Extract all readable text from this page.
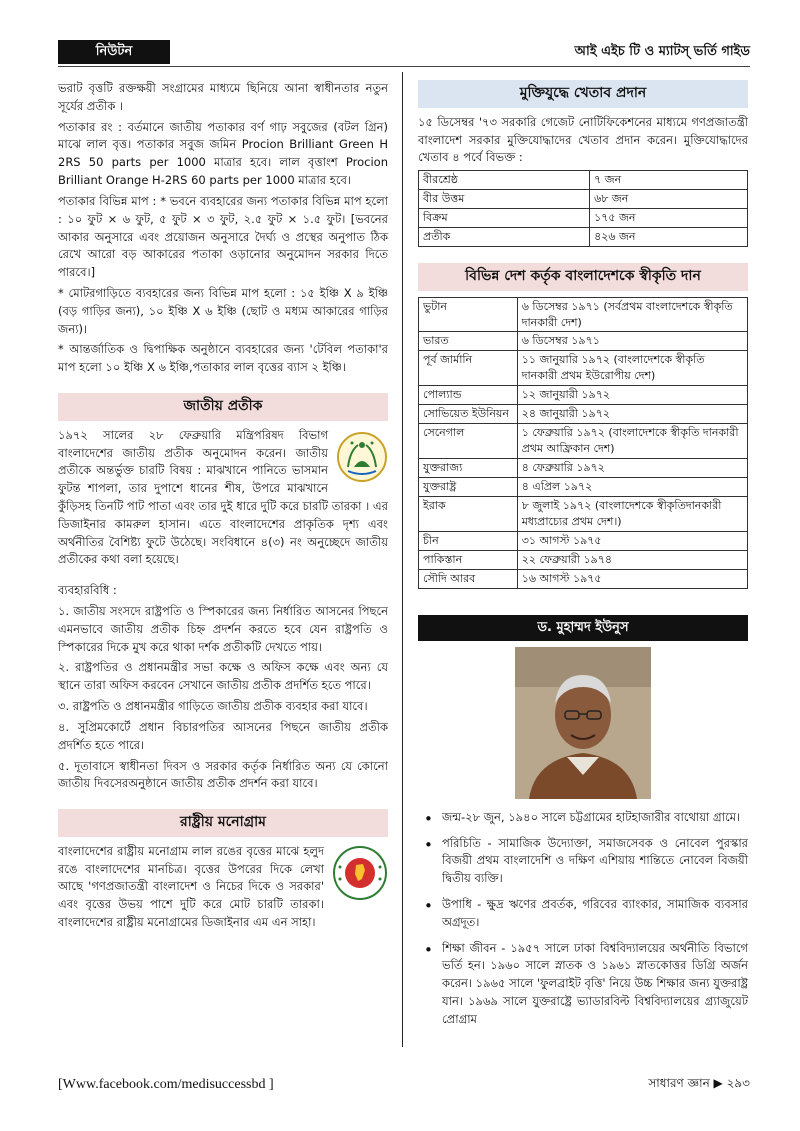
নিউটন	আই এইচ টি ও ম্যাটস্ ভর্তি গাইড

ভরাট বৃত্তটি রক্তক্ষয়ী সংগ্রামের মাধ্যমে ছিনিয়ে আনা স্বাধীনতার নতুন সূর্যের প্রতীক ।

পতাকার রং : বর্তমানে জাতীয় পতাকার বর্ণ গাঢ় সবুজের (বটল গ্রিন) মাঝে লাল বৃত্ত। পতাকার সবুজ জমিন Procion Brilliant Green H 2RS 50 parts per 1000 মাত্রার হবে। লাল বৃত্তাংশ Procion Brilliant Orange H-2RS 60 parts per 1000 মাত্রার হবে।

পতাকার বিভিন্ন মাপ : * ভবনে ব্যবহারের জন্য পতাকার বিভিন্ন মাপ হলো : ১০ ফুট × ৬ ফুট, ৫ ফুট × ৩ ফুট, ২.৫ ফুট × ১.৫ ফুট। [ভবনের আকার অনুসারে এবং প্রয়োজন অনুসারে দৈর্ঘ্য ও প্রস্থের অনুপাত ঠিক রেখে আরো বড় আকারের পতাকা ওড়ানোর অনুমোদন সরকার দিতে পারবে।]

* মোটরগাড়িতে ব্যবহারের জন্য বিভিন্ন মাপ হলো : ১৫ ইঞ্চি X ৯ ইঞ্চি (বড় গাড়ির জন্য), ১০ ইঞ্চি X ৬ ইঞ্চি (ছোট ও মধ্যম আকারের গাড়ির জন্য)।

* আন্তর্জাতিক ও দ্বিপাক্ষিক অনুষ্ঠানে ব্যবহারের জন্য 'টেবিল পতাকা'র মাপ হলো ১০ ইঞ্চি X ৬ ইঞ্চি,পতাকার লাল বৃত্তের ব্যাস ২ ইঞ্চি।

জাতীয় প্রতীক

১৯৭২ সালের ২৮ ফেব্রুয়ারি মন্ত্রিপরিষদ বিভাগ বাংলাদেশের জাতীয় প্রতীক অনুমোদন করেন। জাতীয় প্রতীকে অন্তর্ভুক্ত চারটি বিষয় : মাঝখানে পানিতে ভাসমান ফুটন্ত শাপলা, তার দুপাশে ধানের শীষ, উপরে মাঝখানে কুঁড়িসহ তিনটি পাট পাতা এবং তার দুই ধারে দুটি করে চারটি তারকা । এর ডিজাইনার কামরুল হাসান। এতে বাংলাদেশের প্রাকৃতিক দৃশ্য এবং অর্থনীতির বৈশিষ্ট্য ফুটে উঠেছে। সংবিধানে ৪(৩) নং অনুচ্ছেদে জাতীয় প্রতীকের কথা বলা হয়েছে।

ব্যবহারবিধি :

১. জাতীয় সংসদে রাষ্ট্রপতি ও স্পিকারের জন্য নির্ধারিত আসনের পিছনে এমনভাবে জাতীয় প্রতীক চিহ্ন প্রদর্শন করতে হবে যেন রাষ্ট্রপতি ও স্পিকারের দিকে মুখ করে থাকা দর্শক প্রতীকটি দেখতে পায়।

২. রাষ্ট্রপতির ও প্রধানমন্ত্রীর সভা কক্ষে ও অফিস কক্ষে এবং অন্য যে স্থানে তারা অফিস করবেন সেখানে জাতীয় প্রতীক প্রদর্শিত হতে পারে।

৩. রাষ্ট্রপতি ও প্রধানমন্ত্রীর গাড়িতে জাতীয় প্রতীক ব্যবহার করা যাবে।

৪. সুপ্রিমকোর্টে প্রধান বিচারপতির আসনের পিছনে জাতীয় প্রতীক প্রদর্শিত হতে পারে।

৫. দূতাবাসে স্বাধীনতা দিবস ও সরকার কর্তৃক নির্ধারিত অন্য যে কোনো জাতীয় দিবসেরঅনুষ্ঠানে জাতীয় প্রতীক প্রদর্শন করা যাবে।

রাষ্ট্রীয় মনোগ্রাম

বাংলাদেশের রাষ্ট্রীয় মনোগ্রাম লাল রঙের বৃত্তের মাঝে হলুদ রঙে বাংলাদেশের মানচিত্র। বৃত্তের উপরের দিকে লেখা আছে 'গণপ্রজাতন্ত্রী বাংলাদেশ ও নিচের দিকে ও সরকার' এবং বৃত্তের উভয় পাশে দুটি করে মোট চারটি তারকা। বাংলাদেশের রাষ্ট্রীয় মনোগ্রামের ডিজাইনার এম এন সাহা।

মুক্তিযুদ্ধে খেতাব প্রদান

১৫ ডিসেম্বর '৭৩ সরকারি গেজেট নোটিফিকেশনের মাধ্যমে গণপ্রজাতন্ত্রী বাংলাদেশ সরকার মুক্তিযোদ্ধাদের খেতাব প্রদান করেন। মুক্তিযোদ্ধাদের খেতাব ৪ পর্বে বিভক্ত :

বীরশ্রেষ্ঠ	৭ জন
বীর উত্তম	৬৮ জন
বিক্রম	১৭৫ জন
প্রতীক	৪২৬ জন
বিভিন্ন দেশ কর্তৃক বাংলাদেশকে স্বীকৃতি দান
ভুটান	৬ ডিসেম্বর ১৯৭১ (সর্বপ্রথম বাংলাদেশকে স্বীকৃতি দানকারী দেশ)
ভারত	৬ ডিসেম্বর ১৯৭১
পূর্ব জার্মানি	১১ জানুয়ারি ১৯৭২ (বাংলাদেশকে স্বীকৃতি দানকারী প্রথম ইউরোপীয় দেশ)
পোল্যান্ড	১২ জানুয়ারী ১৯৭২
সোভিয়েত ইউনিয়ন	২৪ জানুয়ারী ১৯৭২
সেনেগাল	১ ফেব্রুয়ারি ১৯৭২ (বাংলাদেশকে স্বীকৃতি দানকারী প্রথম আফ্রিকান দেশ)
যুক্তরাজ্য	৪ ফেব্রুয়ারি ১৯৭২
যুক্তরাষ্ট্র	৪ এপ্রিল ১৯৭২
ইরাক	৮ জুলাই ১৯৭২ (বাংলাদেশকে স্বীকৃতিদানকারী মধ্যপ্রাচ্যের প্রথম দেশ।)
চীন	৩১ আগস্ট ১৯৭৫
পাকিস্তান	২২ ফেব্রুয়ারী ১৯৭৪
সৌদি আরব	১৬ আগস্ট ১৯৭৫
ড. মুহাম্মদ ইউনুস
• জন্ম-২৮ জুন, ১৯৪০ সালে চট্টগ্রামের হাটহাজারীর বাথোয়া গ্রামে।
• পরিচিতি - সামাজিক উদ্যোক্তা, সমাজসেবক ও নোবেল পুরস্কার বিজয়ী প্রথম বাংলাদেশি ও দক্ষিণ এশিয়ায় শান্তিতে নোবেল বিজয়ী দ্বিতীয় ব্যক্তি।
• উপাধি - ক্ষুদ্র ঋণের প্রবর্তক, গরিবের ব্যাংকার, সামাজিক ব্যবসার অগ্রদূত।
• শিক্ষা জীবন - ১৯৫৭ সালে ঢাকা বিশ্ববিদ্যালয়ের অর্থনীতি বিভাগে ভর্তি হন। ১৯৬০ সালে স্নাতক ও ১৯৬১ স্নাতকোত্তর ডিগ্রি অর্জন করেন। ১৯৬৫ সালে 'ফুলব্রাইট বৃত্তি' নিয়ে উচ্চ শিক্ষার জন্য যুক্তরাষ্ট্র যান। ১৯৬৯ সালে যুক্তরাষ্ট্রে ভ্যাডারবিল্ট বিশ্ববিদ্যালয়ের গ্র্যাজুয়েট প্রোগ্রাম
[Www.facebook.com/medisuccessbd ]	সাধারণ জ্ঞান ▶ ২৯৩
